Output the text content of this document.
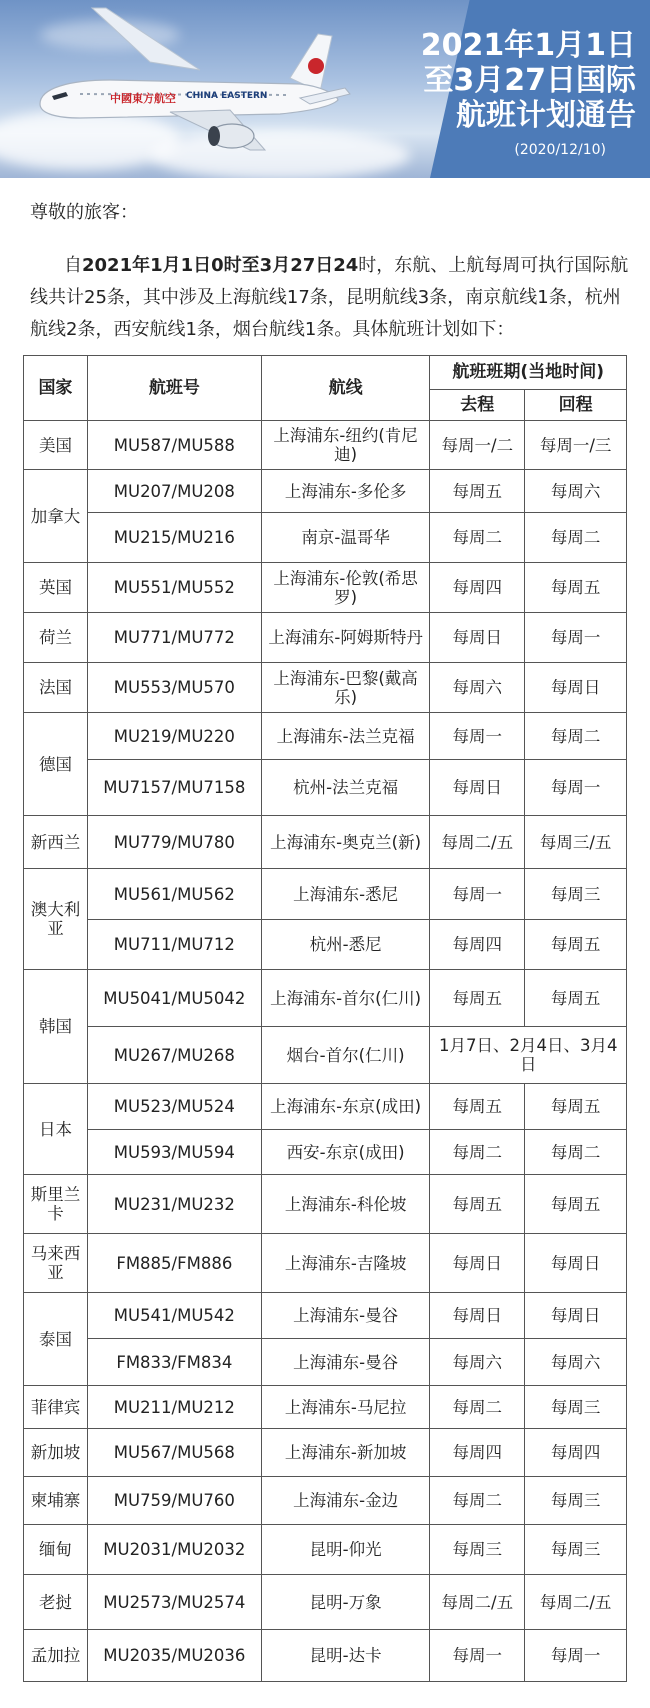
中國東方航空 CHINA EASTERN
2021年1月1日
至3月27日国际
航班计划通告
(2020/12/10)
尊敬的旅客：
自2021年1月1日0时至3月27日24时，东航、上航每周可执行国际航线共计25条，其中涉及上海航线17条，昆明航线3条，南京航线1条，杭州航线2条，西安航线1条，烟台航线1条。具体航班计划如下：
国家	航班号	航线	航班班期(当地时间)	
			去程	回程
美国	MU587/MU588	上海浦东-纽约(肯尼迪)	每周一/二	每周一/三
加拿大	MU207/MU208	上海浦东-多伦多	每周五	每周六
	MU215/MU216	南京-温哥华	每周二	每周二
英国	MU551/MU552	上海浦东-伦敦(希思罗)	每周四	每周五
荷兰	MU771/MU772	上海浦东-阿姆斯特丹	每周日	每周一
法国	MU553/MU570	上海浦东-巴黎(戴高乐)	每周六	每周日
德国	MU219/MU220	上海浦东-法兰克福	每周一	每周二
	MU7157/MU7158	杭州-法兰克福	每周日	每周一
新西兰	MU779/MU780	上海浦东-奥克兰(新)	每周二/五	每周三/五
澳大利亚	MU561/MU562	上海浦东-悉尼	每周一	每周三
	MU711/MU712	杭州-悉尼	每周四	每周五
韩国	MU5041/MU5042	上海浦东-首尔(仁川)	每周五	每周五
	MU267/MU268	烟台-首尔(仁川)	1月7日、2月4日、3月4日	
日本	MU523/MU524	上海浦东-东京(成田)	每周五	每周五
	MU593/MU594	西安-东京(成田)	每周二	每周二
斯里兰卡	MU231/MU232	上海浦东-科伦坡	每周五	每周五
马来西亚	FM885/FM886	上海浦东-吉隆坡	每周日	每周日
泰国	MU541/MU542	上海浦东-曼谷	每周日	每周日
	FM833/FM834	上海浦东-曼谷	每周六	每周六
菲律宾	MU211/MU212	上海浦东-马尼拉	每周二	每周三
新加坡	MU567/MU568	上海浦东-新加坡	每周四	每周四
柬埔寨	MU759/MU760	上海浦东-金边	每周二	每周三
缅甸	MU2031/MU2032	昆明-仰光	每周三	每周三
老挝	MU2573/MU2574	昆明-万象	每周二/五	每周二/五
孟加拉	MU2035/MU2036	昆明-达卡	每周一	每周一
